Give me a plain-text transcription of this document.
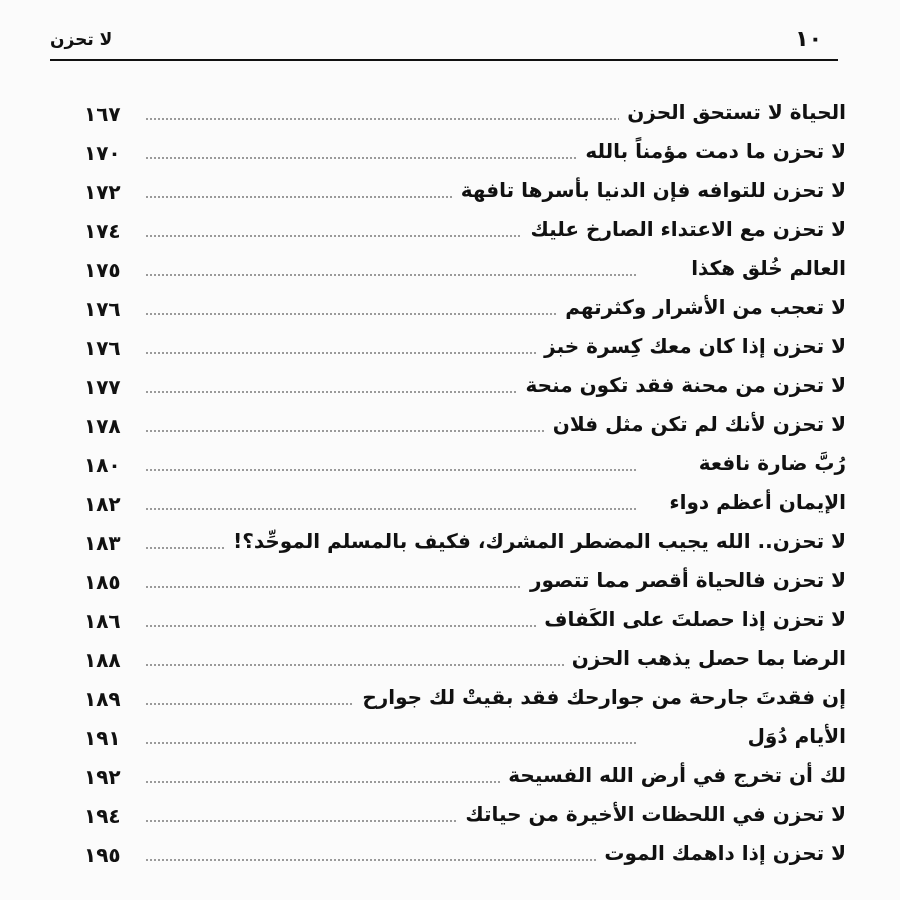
لا تحزن	١٠
١٦٧	الحياة لا تستحق الحزن
١٧٠	لا تحزن ما دمت مؤمناً بالله
١٧٢	لا تحزن للتوافه فإن الدنيا بأسرها تافهة
١٧٤	لا تحزن مع الاعتداء الصارخ عليك
١٧٥	العالم خُلق هكذا
١٧٦	لا تعجب من الأشرار وكثرتهم
١٧٦	لا تحزن إذا كان معك كِسرة خبز
١٧٧	لا تحزن من محنة فقد تكون منحة
١٧٨	لا تحزن لأنك لم تكن مثل فلان
١٨٠	رُبَّ ضارة نافعة
١٨٢	الإيمان أعظم دواء
١٨٣	لا تحزن.. الله يجيب المضطر المشرك، فكيف بالمسلم الموحِّد؟!
١٨٥	لا تحزن فالحياة أقصر مما تتصور
١٨٦	لا تحزن إذا حصلتَ على الكَفاف
١٨٨	الرضا بما حصل يذهب الحزن
١٨٩	إن فقدتَ جارحة من جوارحك فقد بقيتْ لك جوارح
١٩١	الأيام دُوَل
١٩٢	لك أن تخرج في أرض الله الفسيحة
١٩٤	لا تحزن في اللحظات الأخيرة من حياتك
١٩٥	لا تحزن إذا داهمك الموت
